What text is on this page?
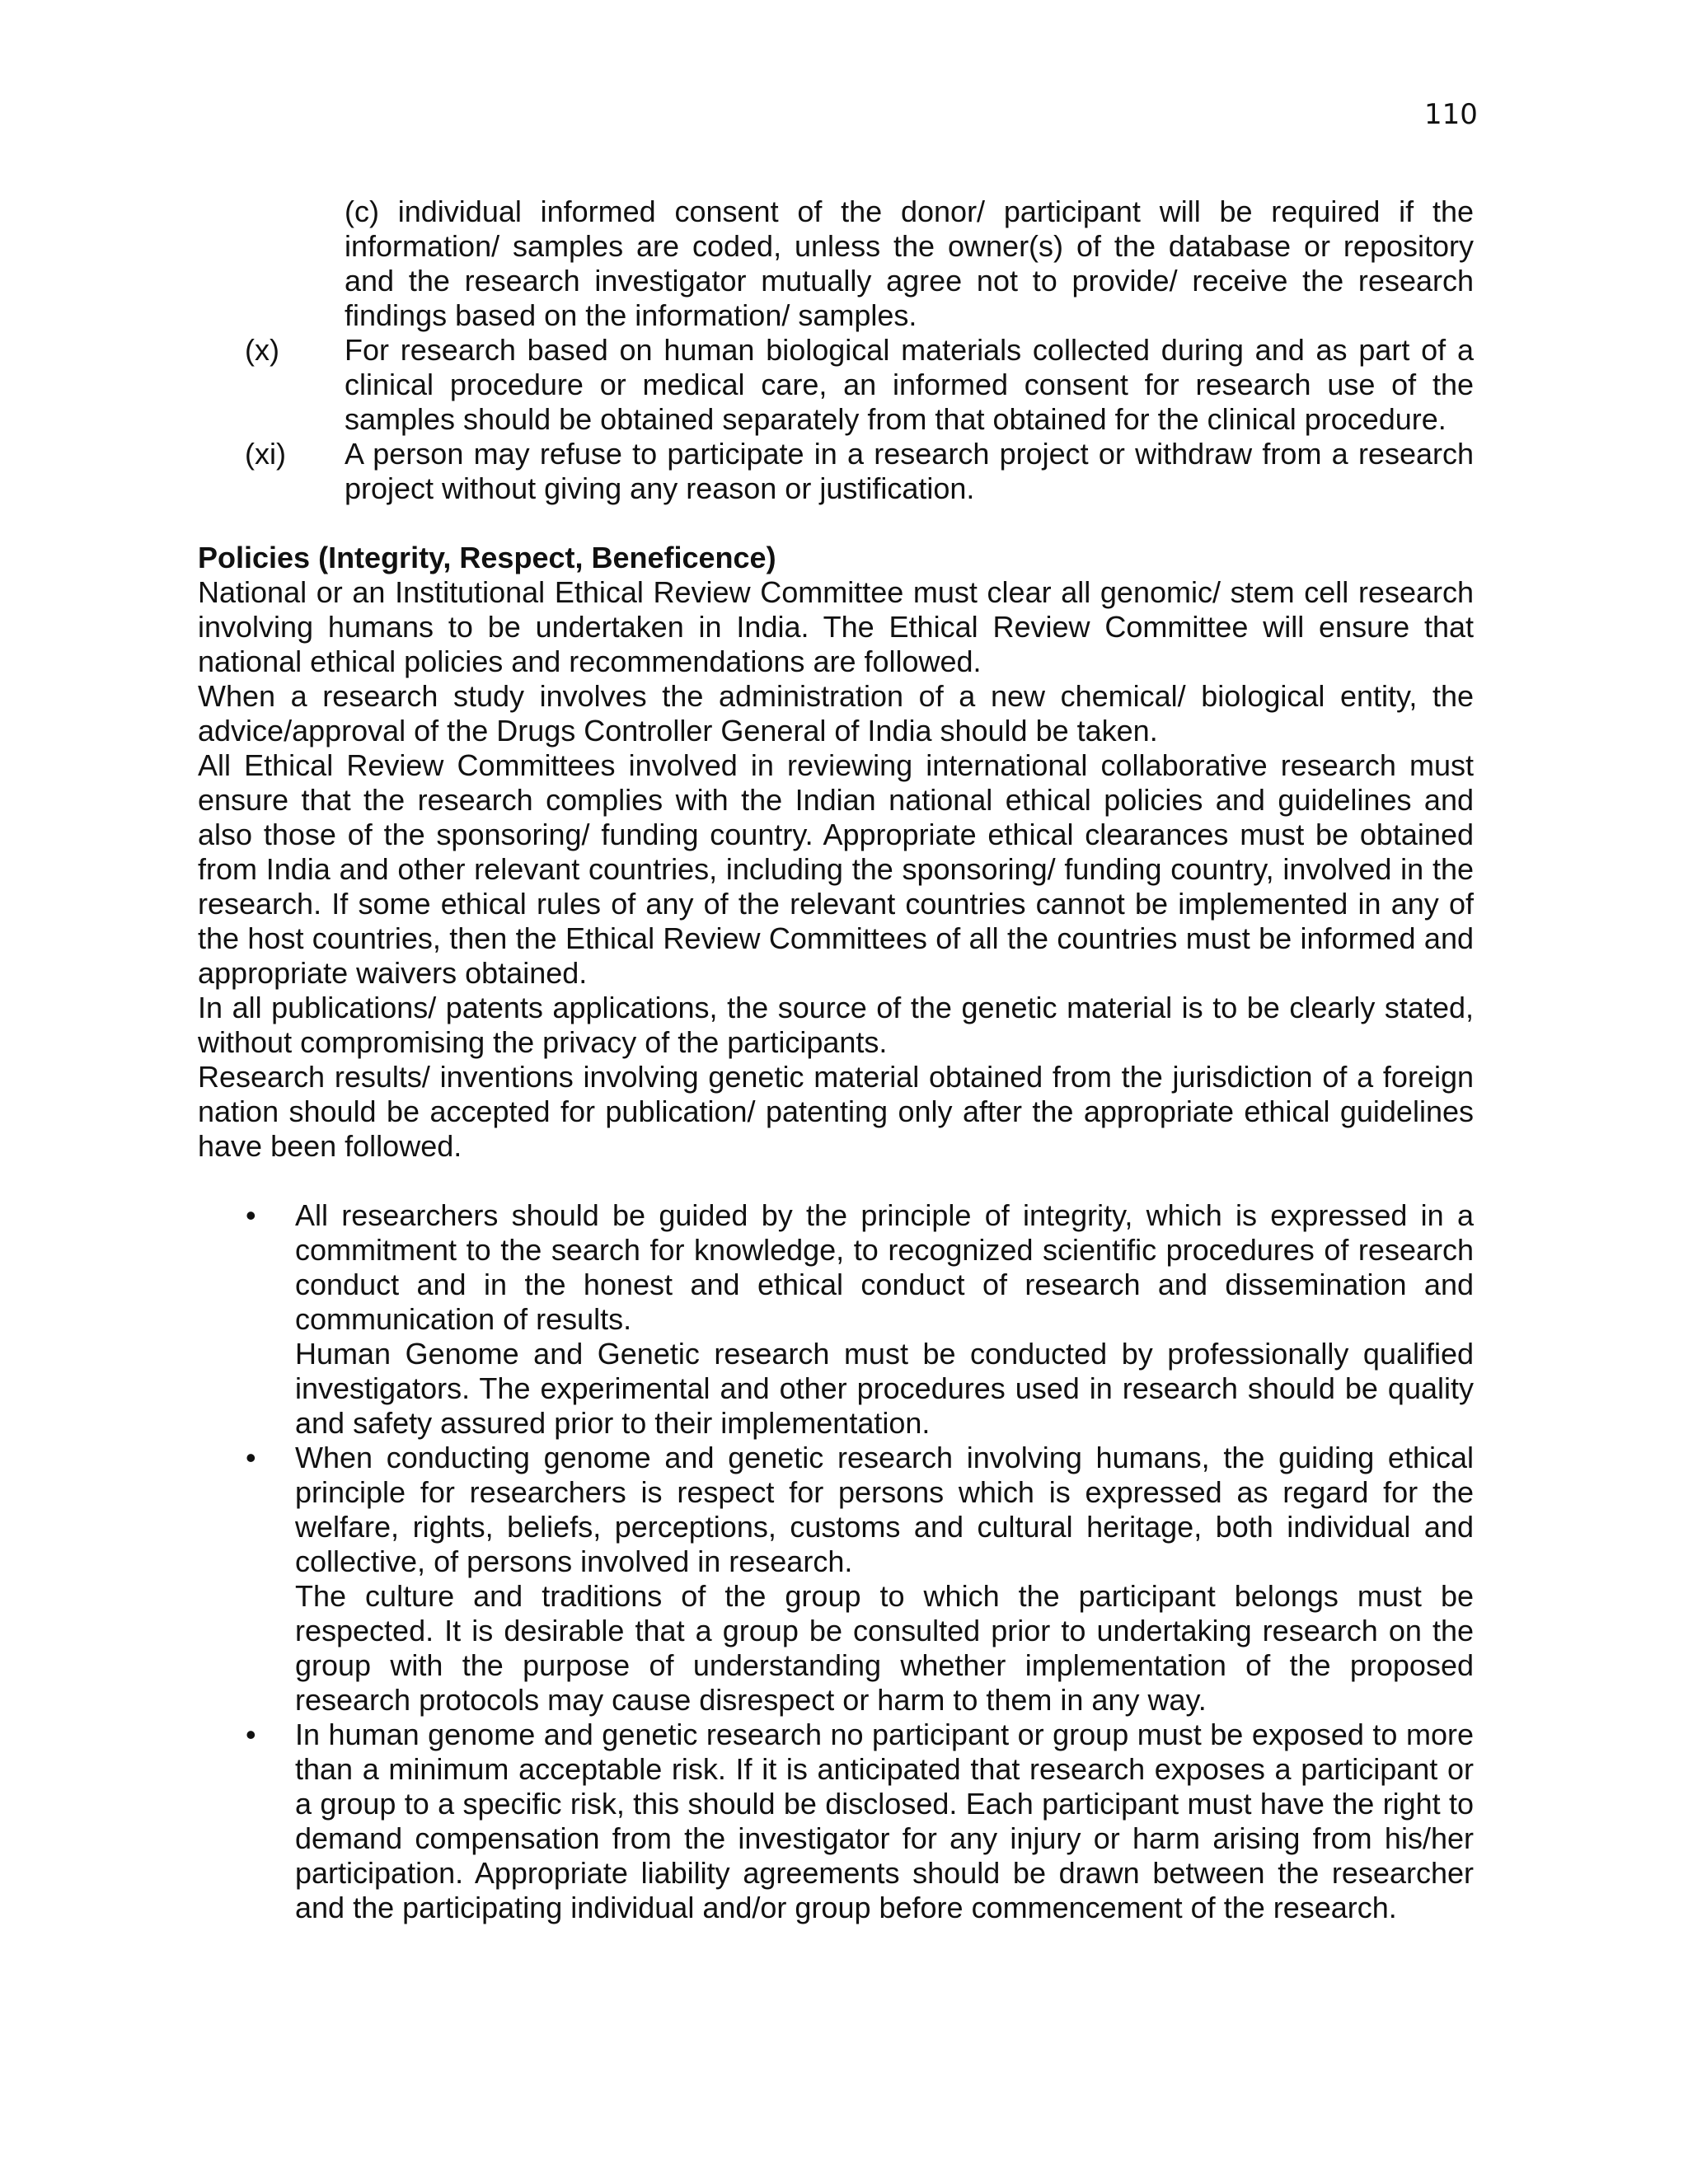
110
(c) individual informed consent of the donor/ participant will be required if the information/ samples are coded, unless the owner(s) of the database or repository and the research investigator mutually agree not to provide/ receive the research findings based on the information/ samples.
(x) For research based on human biological materials collected during and as part of a clinical procedure or medical care, an informed consent for research use of the samples should be obtained separately from that obtained for the clinical procedure.
(xi) A person may refuse to participate in a research project or withdraw from a research project without giving any reason or justification.
Policies (Integrity, Respect, Beneficence)
National or an Institutional Ethical Review Committee must clear all genomic/ stem cell research involving humans to be undertaken in India. The Ethical Review Committee will ensure that national ethical policies and recommendations are followed.
When a research study involves the administration of a new chemical/ biological entity, the advice/approval of the Drugs Controller General of India should be taken.
All Ethical Review Committees involved in reviewing international collaborative research must ensure that the research complies with the Indian national ethical policies and guidelines and also those of the sponsoring/ funding country. Appropriate ethical clearances must be obtained from India and other relevant countries, including the sponsoring/ funding country, involved in the research. If some ethical rules of any of the relevant countries cannot be implemented in any of the host countries, then the Ethical Review Committees of all the countries must be informed and appropriate waivers obtained.
In all publications/ patents applications, the source of the genetic material is to be clearly stated, without compromising the privacy of the participants.
Research results/ inventions involving genetic material obtained from the jurisdiction of a foreign nation should be accepted for publication/ patenting only after the appropriate ethical guidelines have been followed.
• All researchers should be guided by the principle of integrity, which is expressed in a commitment to the search for knowledge, to recognized scientific procedures of research conduct and in the honest and ethical conduct of research and dissemination and communication of results.
Human Genome and Genetic research must be conducted by professionally qualified investigators. The experimental and other procedures used in research should be quality and safety assured prior to their implementation.
• When conducting genome and genetic research involving humans, the guiding ethical principle for researchers is respect for persons which is expressed as regard for the welfare, rights, beliefs, perceptions, customs and cultural heritage, both individual and collective, of persons involved in research.
The culture and traditions of the group to which the participant belongs must be respected. It is desirable that a group be consulted prior to undertaking research on the group with the purpose of understanding whether implementation of the proposed research protocols may cause disrespect or harm to them in any way.
• In human genome and genetic research no participant or group must be exposed to more than a minimum acceptable risk. If it is anticipated that research exposes a participant or a group to a specific risk, this should be disclosed. Each participant must have the right to demand compensation from the investigator for any injury or harm arising from his/her participation. Appropriate liability agreements should be drawn between the researcher and the participating individual and/or group before commencement of the research.
